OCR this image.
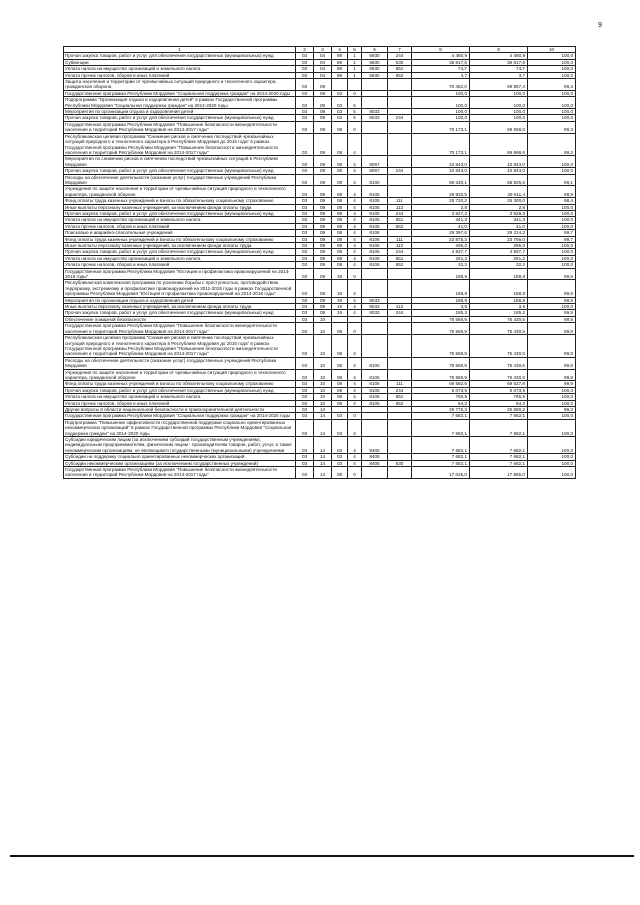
9
1	2	3	4	5	6	7	8	9	10
Прочая закупка товаров, работ и услуг для обеспечения государственных (муниципальных) нужд	03	04	89	1	5930	244	4 480,9	4 480,9	100,0
Субвенции	03	04	89	1	5930	530	36 817,6	36 817,6	100,0
Уплата налога на имущество организаций и земельного налога	03	04	89	1	5930	851	74,7	74,7	100,0
Уплата прочих налогов, сборов и иных платежей	03	04	89	1	5930	852	3,7	3,7	100,0
Защита населения и территории от чрезвычайных ситуаций природного и техногенного характера, гражданская оборона	03	09					70 482,0	69 857,4	99,3
Государственная программа Республики Мордовия "Социальная поддержка граждан" на 2014-2020 годы	03	09	03	0			100,0	100,0	100,0
Подпрограмма "Организация отдыха и оздоровления детей" в рамках Государственной программы Республики Мордовия "Социальная поддержка граждан" на 2014-2020 годы	03	09	03	5			100,0	100,0	100,0
Мероприятия по организации отдыха и оздоровления детей	03	09	03	5	8033		100,0	100,0	100,0
Прочая закупка товаров, работ и услуг для обеспечения государственных (муниципальных) нужд	03	09	03	5	8033	244	100,0	100,0	100,0
Государственная программа Республики Мордовия "Повышение безопасности жизнедеятельности населения и территорий Республики Мордовия на 2014-2017 годы"	03	09	08	0			70 173,1	69 668,6	99,3
Республиканская целевая программа "Снижение рисков и смягчение последствий чрезвычайных ситуаций природного и техногенного характера в Республике Мордовия до 2015 года" в рамках Государственной программы Республики Мордовия "Повышение безопасности жизнедеятельности населения и территорий Республики Мордовия на 2014-2017 годы"	03	09	08	4			70 173,1	69 668,6	99,3
Мероприятия по снижению рисков и смягчению последствий чрезвычайных ситуаций в Республике Мордовия	03	09	08	4	8067		10 843,0	10 843,0	100,0
Прочая закупка товаров, работ и услуг для обеспечения государственных (муниципальных) нужд	03	09	08	4	8067	244	10 843,0	10 843,0	100,0
Расходы на обеспечение деятельности (оказание услуг) государственных учреждений Республики Мордовия	03	09	08	4	8100		59 330,1	58 825,6	99,1
Учреждения по защите населения и территории от чрезвычайных ситуаций природного и техногенного характера, гражданской обороне	03	09	08	4	8105		29 932,5	29 611,4	98,9
Фонд оплаты труда казенных учреждений и взносы по обязательному социальному страхованию	03	09	08	4	8105	111	25 720,2	25 300,0	98,4
Иные выплаты персоналу казенных учреждений, за исключением фонда оплаты труда	03	09	08	4	8105	112	2,8	2,8	100,0
Прочая закупка товаров, работ и услуг для обеспечения государственных (муниципальных) нужд	03	09	08	4	8105	244	3 827,2	3 928,3	100,0
Уплата налога на имущество организаций и земельного налога	03	09	08	4	8105	851	341,3	341,3	100,0
Уплата прочих налогов, сборов и иных платежей	03	09	08	4	8105	852	41,0	41,0	100,0
Поисковые и аварийно-спасательные учреждения	03	09	08	4	8106		29 397,6	29 214,2	99,7
Фонд оплаты труда казенных учреждений и взносы по обязательному социальному страхованию	03	09	08	4	8106	111	23 875,3	23 766,0	99,7
Иные выплаты персоналу казенных учреждений, за исключением фонда оплаты труда	03	09	08	4	8106	112	295,0	295,0	100,0
Прочая закупка товаров, работ и услуг для обеспечения государственных (муниципальных) нужд	03	09	08	4	8106	244	4 937,7	4 937,7	100,0
Уплата налога на имущество организаций и земельного налога	03	09	08	4	8106	851	261,2	261,2	100,0
Уплата прочих налогов, сборов и иных платежей	03	09	08	4	8106	852	32,3	32,3	100,0
Государственная программа Республики Мордовия "Юстиция и профилактика правонарушений на 2014-2018 годы"	03	09	19	0			188,9	188,8	99,9
Республиканская комплексная программа по усилению борьбы с преступностью, противодействию терроризму, экстремизму и профилактике правонарушений на 2011-2015 годы в рамках Государственной программы Республики Мордовия "Юстиция и профилактика правонарушений на 2014-2018 годы"	03	09	19	4			188,9	188,8	99,9
Мероприятия по организации отдыха и оздоровления детей	03	09	19	4	8033		188,9	188,8	99,9
Иные выплаты персоналу казенных учреждений, за исключением фонда оплаты труда	03	09	19	4	8033	112	3,6	3,6	100,0
Прочая закупка товаров, работ и услуг для обеспечения государственных (муниципальных) нужд	03	09	19	4	8033	244	185,3	185,2	99,9
Обеспечение пожарной безопасности	03	10					75 565,9	75 430,6	99,8
Государственная программа Республики Мордовия "Повышение безопасности жизнедеятельности населения и территорий Республики Мордовия на 2014-2017 годы"	03	10	08	0			75 565,9	75 430,6	99,8
Республиканская целевая программа "Снижение рисков и смягчение последствий чрезвычайных ситуаций природного и техногенного характера в Республике Мордовия до 2015 года" в рамках Государственной программы Республики Мордовия "Повышение безопасности жизнедеятельности населения и территорий Республики Мордовия на 2014-2017 годы"	03	10	08	4			75 565,9	75 430,6	99,8
Расходы на обеспечение деятельности (оказание услуг) государственных учреждений Республики Мордовия	03	10	08	4	8100		75 565,9	75 430,6	99,8
Учреждения по защите населения и территории от чрезвычайных ситуаций природного и техногенного характера, гражданской обороне	03	10	08	4	8105		75 565,9	75 430,6	99,8
Фонд оплаты труда казенных учреждений и взносы по обязательному социальному страхованию	03	10	08	4	8105	111	69 582,6	69 527,8	99,9
Прочая закупка товаров, работ и услуг для обеспечения государственных (муниципальных) нужд	03	10	08	4	8105	244	5 073,5	5 073,5	100,0
Уплата налога на имущество организаций и земельного налога	03	10	08	4	8105	851	765,5	765,5	100,0
Уплата прочих налогов, сборов и иных платежей	03	10	08	4	8105	852	64,3	64,3	100,0
Другие вопросы в области национальной безопасности и правоохранительной деятельности	03	14					25 776,3	25 590,2	99,3
Государственная программа Республики Мордовия "Социальная поддержка граждан" на 2014-2020 годы	03	14	03	0			7 682,1	7 682,1	100,0
Подпрограмма "Повышение эффективности государственной поддержки социально ориентированных некоммерческих организаций" в рамках Государственной программы Республики Мордовия "Социальная поддержка граждан" на 2014-2020 годы	03	14	03	4			7 682,1	7 682,1	100,0
Субсидии юридическим лицам (за исключением субсидий государственным учреждениям), индивидуальным предпринимателям, физическим лицам - производителям товаров, работ, услуг, а также некоммерческим организациям, не являющимся государственными (муниципальными) учреждениями	03	14	03	4	8400		7 682,1	7 682,1	100,0
Субсидии на поддержку социально ориентированных некоммерческих организаций	03	14	03	4	8405		7 682,1	7 682,1	100,0
Субсидии некоммерческим организациям (за исключением государственных учреждений)	03	14	03	4	8405	630	7 682,1	7 682,1	100,0
Государственная программа Республики Мордовия "Повышение безопасности жизнедеятельности населения и территорий Республики Мордовия на 2014-2017 годы"	03	14	08	0			17 025,0	17 865,0	100,0
